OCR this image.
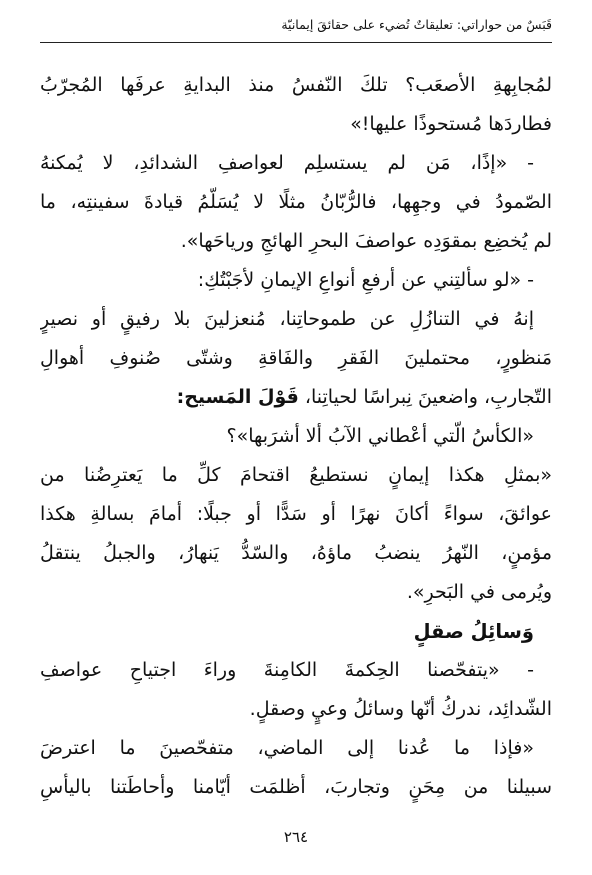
قَبَسٌ من حواراتي: تعليقاتٌ تُضيء على حقائقَ إيمانيّة
لمُجابِهةِ الأصعَب؟ تلكَ النّفسُ منذ البدايةِ عرفَها المُجرّبُ
فطاردَها مُستحوذًا عليها!»
- «إذًا، مَن لم يستسلِم لعواصفِ الشدائدِ، لا يُمكنهُ
الصّمودُ في وجهِها، فالرُّبّانُ مثلًا لا يُسَلّمُ قيادةَ سفينتِه، ما
لم يُخضِع بمقوَدِه عواصفَ البحرِ الهائجِ ورياحَها».
- «لو سألتِني عن أرفعِ أنواعِ الإيمانِ لأجَبْتُكِ:
إنهُ في التنازُلِ عن طموحاتِنا، مُنعزلينَ بلا رفيقٍ أو نصيرٍ
مَنظورٍ، محتملينَ الفَقرِ والفَاقةِ وشتّى صُنوفِ أهوالِ
التّجاربِ، واضعينَ نِبراسًا لحياتِنا، قَوْلَ المَسيح:
«الكأسُ الّتي أعْطاني الآبُ ألا أشرَبها»؟
«بمثلِ هكذا إيمانٍ نستطيعُ اقتحامَ كلِّ ما يَعترِضُنا من
عوائقَ، سواءً أكانَ نهرًا أو سَدًّا أو جبلًا: أمامَ بسالةِ هكذا
مؤمنٍ، النّهرُ ينضبُ ماؤهُ، والسّدُّ يَنهارُ، والجبلُ ينتقلُ
ويُرمى في البَحرِ».
وَسائِلُ صقلٍ
- «يتفحّصنا الحِكمةَ الكامِنةَ وراءَ اجتياحِ عواصفِ
الشّدائِد، ندركُ أنّها وسائلُ وعيٍ وصقلٍ.
«فإذا ما عُدنا إلى الماضي، متفحّصينَ ما اعترضَ
سبيلنا من مِحَنٍ وتجاربَ، أظلمَت أيّامنا وأحاطَتنا باليأسِ
٢٦٤
